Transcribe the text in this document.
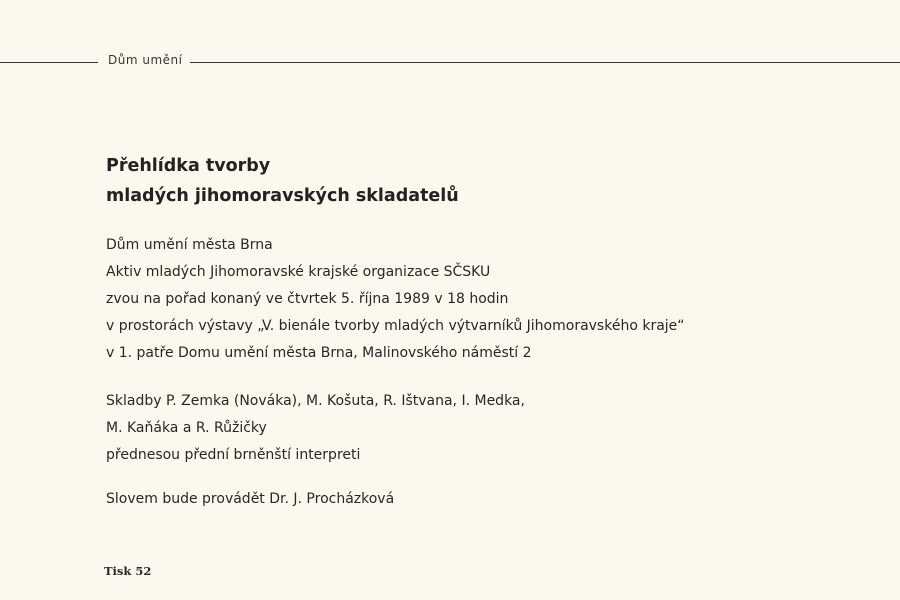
Dům umění
Přehlídka tvorby
mladých jihomoravských skladatelů
Dům umění města Brna
Aktiv mladých Jihomoravské krajské organizace SČSKU
zvou na pořad konaný ve čtvrtek 5. října 1989 v 18 hodin
v prostorách výstavy „V. bienále tvorby mladých výtvarníků Jihomoravského kraje“
v 1. patře Domu umění města Brna, Malinovského náměstí 2
Skladby P. Zemka (Nováka), M. Košuta, R. Ištvana, I. Medka,
M. Kaňáka a R. Růžičky
přednesou přední brněnští interpreti
Slovem bude provádět Dr. J. Procházková
Tisk 52
